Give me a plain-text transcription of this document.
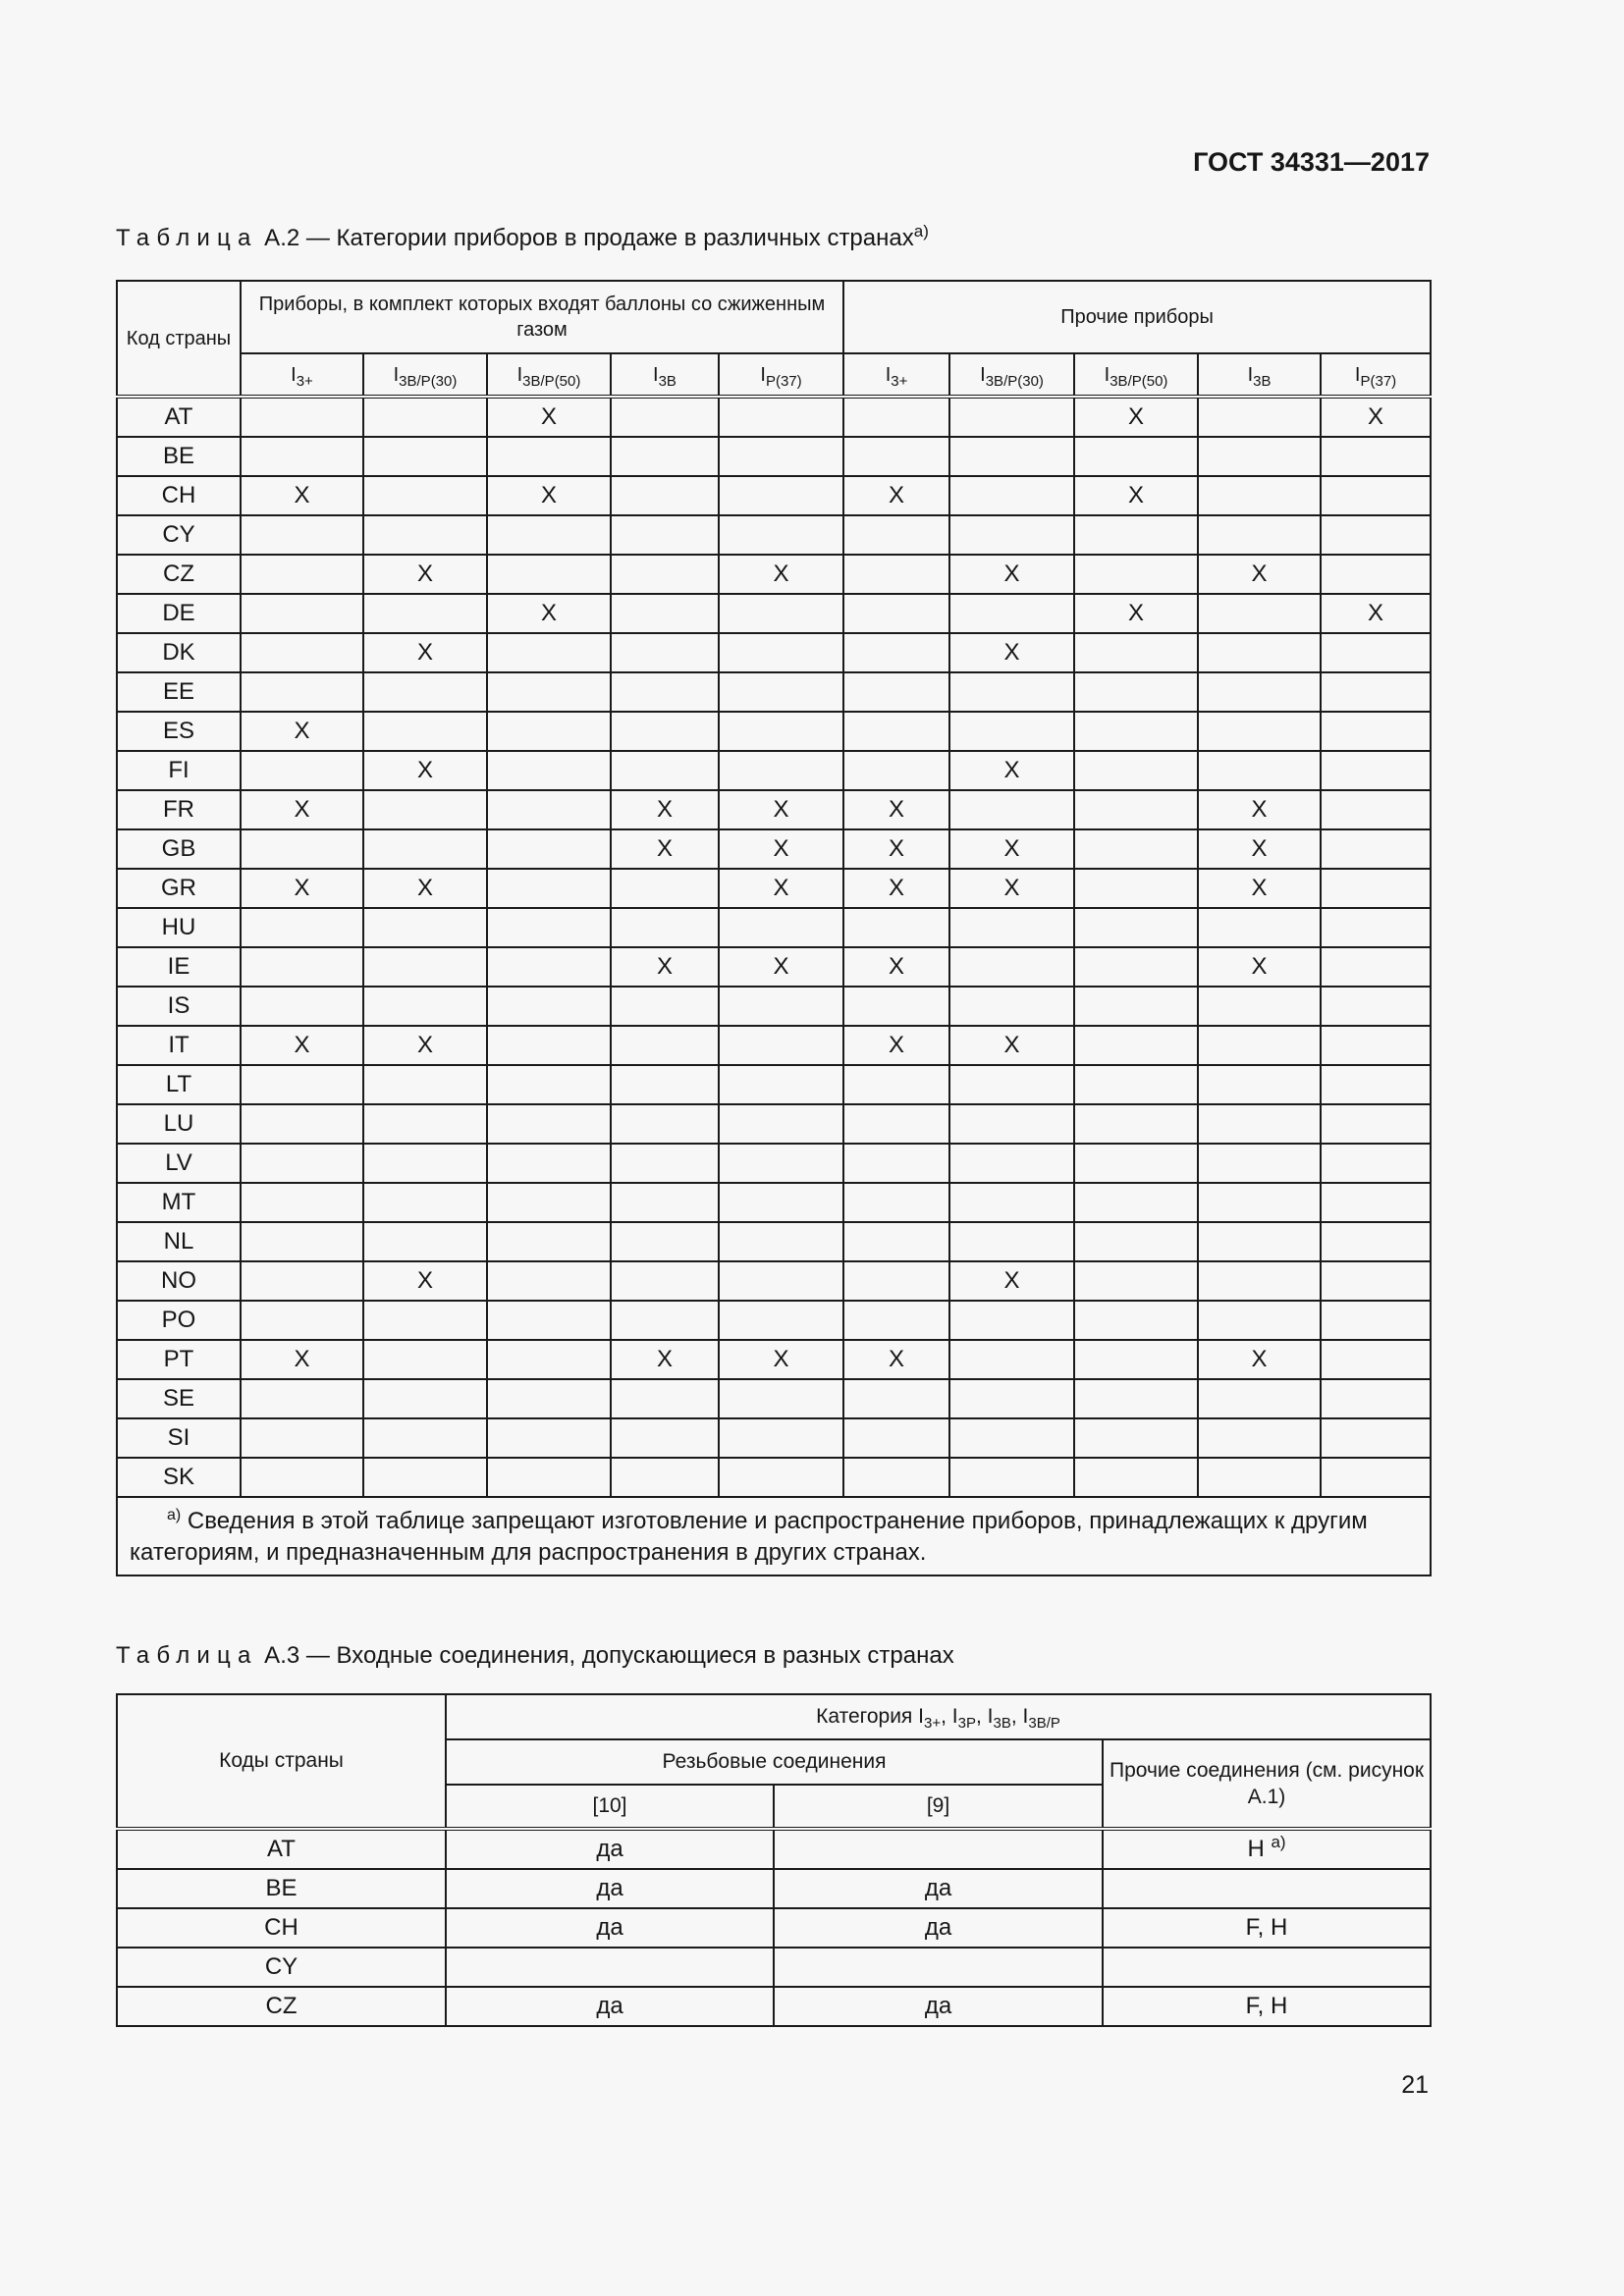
ГОСТ 34331—2017
Таблица А.2 — Категории приборов в продаже в различных странах$^{а)}$
Код страны	Приборы, в комплект которых входят баллоны со сжиженным газом					Прочие приборы				
	$I_{3+}$	$I_{3B/P(30)}$	$I_{3B/P(50)}$	$I_{3B}$	$I_{P(37)}$	$I_{3+}$	$I_{3B/P(30)}$	$I_{3B/P(50)}$	$I_{3B}$	$I_{P(37)}$
AT			X					X		X
BE										
CH	X		X			X		X		
CY										
CZ		X			X		X		X	
DE			X					X		X
DK		X					X			
EE										
ES	X									
FI		X					X			
FR	X			X	X	X			X	
GB				X	X	X	X		X	
GR	X	X			X	X	X		X	
HU										
IE				X	X	X			X	
IS										
IT	X	X				X	X			
LT										
LU										
LV										
MT										
NL										
NO		X					X			
PO										
PT	X			X	X	X			X	
SE										
SI										
SK										
$^{а)}$ Сведения в этой таблице запрещают изготовление и распространение приборов, принадлежащих к другим категориям, и предназначенным для распространения в других странах.										
Таблица А.3 — Входные соединения, допускающиеся в разных странах
Коды страны	Категория $I_{3+}$, $I_{3P}$, $I_{3B}$, $I_{3B/P}$
	Резьбовые соединения		Прочие соединения (см. рисунок А.1)
	[10]	[9]	
AT	да		H $^{а)}$
BE	да	да	
CH	да	да	F, H
CY			
CZ	да	да	F, H
21
